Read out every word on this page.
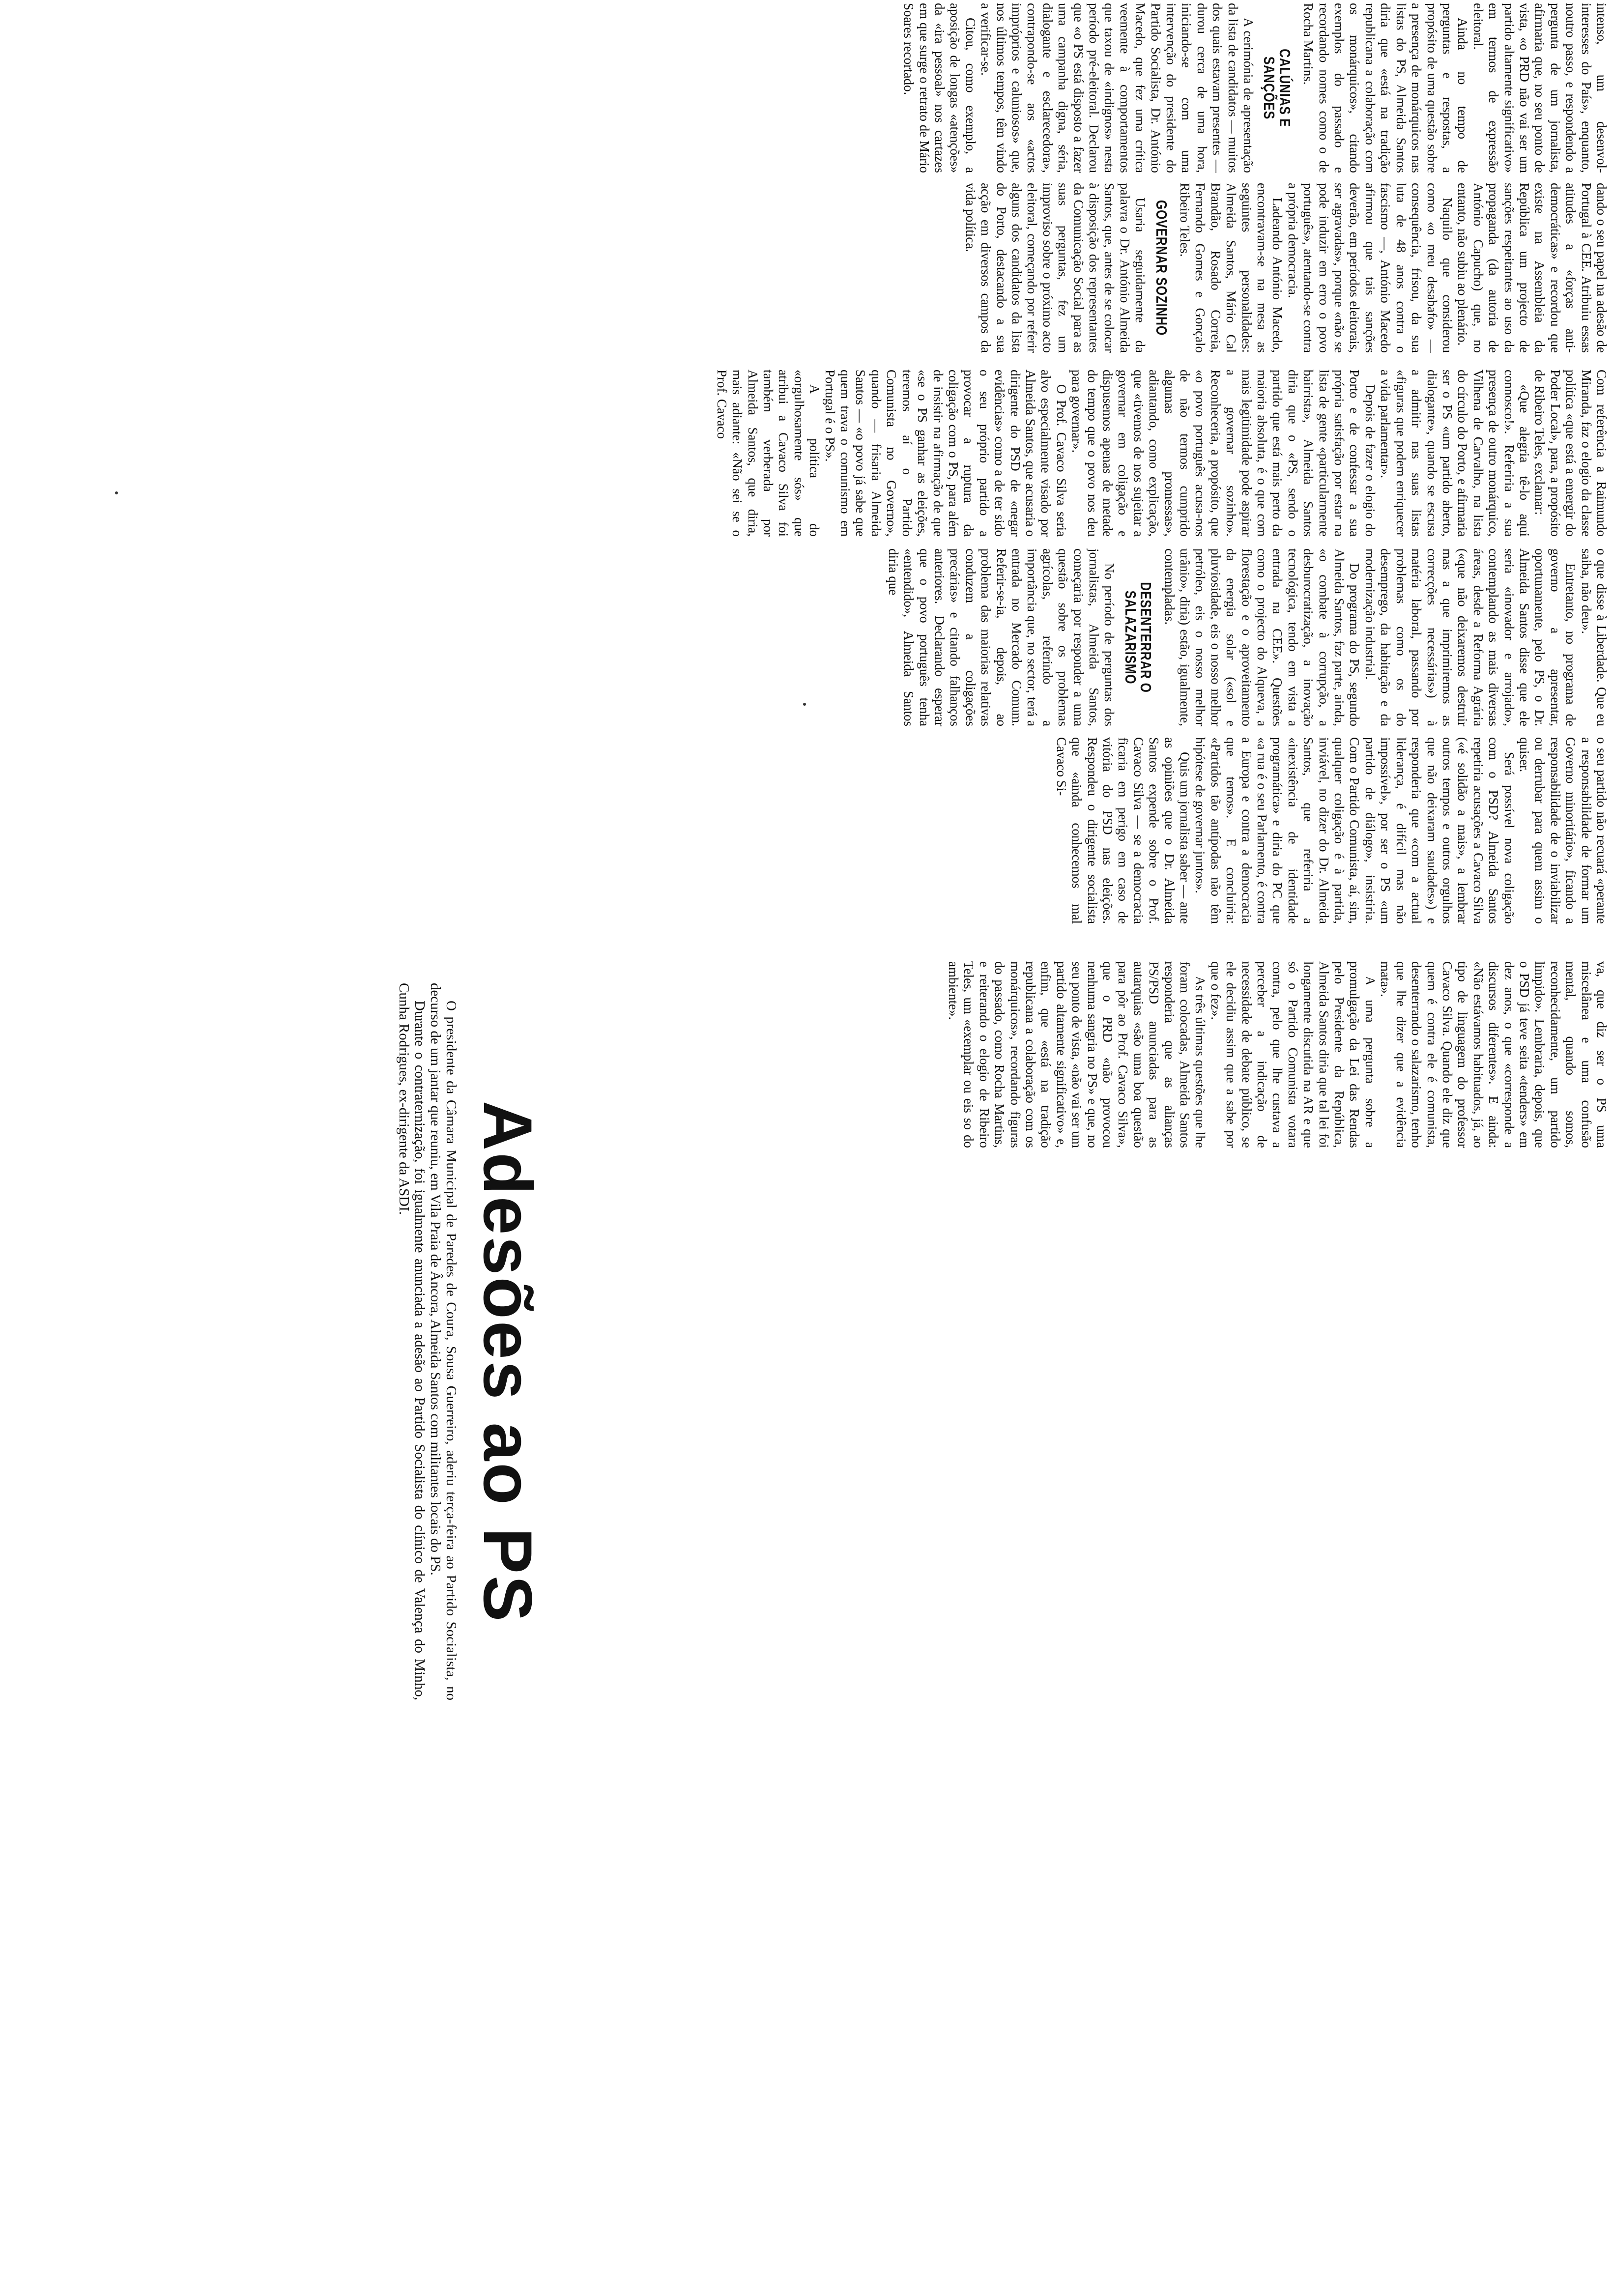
intenso, um desenvol- interesses do País», enquanto, noutro passo, e respondendo a pergunta de um jornalista, afirmaria que, no seu ponto de vista, «o PRD não vai ser um partido altamente significativo» em termos de expressão eleitoral.

Ainda no tempo de perguntas e respostas, a propósito de uma questão sobre a presença de monárquicos nas listas do PS, Almeida Santos diria que «está na tradição republicana a colaboração com os monárquicos», citando exemplos do passado e recordando nomes como o de Rocha Martins.

CALÚNIAS E SANÇÕES

A cerimónia de apresentação da lista de candidatos — muitos dos quais estavam presentes — durou cerca de uma hora, iniciando-se com uma intervenção do presidente do Partido Socialista, Dr. António Macedo, que fez uma crítica veemente à comportamentos que taxou de «indignos» nesta período pré-eleitoral. Declarou que «o PS está disposto a fazer uma campanha digna, séria, dialogante e esclarecedora», contrapondo-se aos «actos impróprios e caluniosos» que, nos últimos tempos, têm vindo a verificar-se.

Citou, como exemplo, a aposição de longas «atenções» da «ira pessoal» nos cartazes em que surge o retrato de Mário Soares recortado.

dando o seu papel na adesão de Portugal à CEE. Atribuiu essas atitudes a «forças anti-democráticas» e recordou que existe na Assembleia da República um projecto de sanções respeitantes ao uso da propaganda (da autoria de António Capucho) que, no entanto, não subiu ao plenário.

Naquilo que considerou como «o meu desabafo» — consequência, frisou, da sua luta de 48 anos contra o fascismo —, António Macedo afirmou que tais sanções deverão, em períodos eleitorais, ser agravadas», porque «não se pode induzir em erro o povo português», atentando-se contra a própria democracia.

Ladeando António Macedo, encontravam-se na mesa as seguintes personalidades: Almeida Santos, Mário Cal Brandão, Rosado Correia, Fernando Gomes e Gonçalo Ribeiro Teles.

GOVERNAR SOZINHO

Usaria seguidamente da palavra o Dr. António Almeida Santos, que, antes de se colocar à disposição dos representantes da Comunicação Social para as suas perguntas, fez um improviso sobre o próximo acto eleitoral, começando por referir alguns dos candidatos da lista do Porto, destacando a sua acção em diversos campos da vida política.

Com referência a Raimundo Miranda, faz o elogio da classe política «que está a emergir do Poder Local», para, a propósito de Ribeiro Teles, exclamar:

«Que alegria tê-lo aqui connosco!». Referiria a sua presença de outro monárquico, Vilhena de Carvalho, na lista do círculo do Porto, e afirmaria ser o PS «um partido aberto, dialogante», quando se escusa a admitir nas suas listas «figuras que podem enriquecer a vida parlamentar».

Depois de fazer o elogio do Porto e de confessar a sua própria satisfação por estar na lista de gente «particularmente bairrista», Almeida Santos diria que o «PS, sendo o partido que está mais perto da maioria absoluta, é o que com mais legitimidade pode aspirar a governar sozinho». Reconheceria, a propósito, que «o povo português acusa-nos de não termos cumprido algumas promessas», adiantando, como explicação, que «tivemos de nos sujeitar a governar em coligação e dispusemos apenas de metade do tempo que o povo nos deu para governar».

O Prof. Cavaco Silva seria alvo especialmente visado por Almeida Santos, que acusaria o dirigente do PSD de «negar evidências» como a de ter sido o seu próprio partido a provocar a ruptura da coligação com o PS, para além de insistir na afirmação de que «se o PS ganhar as eleições, teremos aí o Partido Comunista no Governo», quando — frisaria Almeida Santos — «o povo já sabe que quem trava o comunismo em Portugal é o PS».

A política do «orgulhosamente sós» que atribui a Cavaco Silva foi também verberada por Almeida Santos, que diria, mais adiante: «Não sei se o Prof. Cavaco

o que disse à Liberdade. Que eu saiba, não deu».

Entretanto, no programa de governo a apresentar, oportunamente, pelo PS, o Dr. Almeida Santos disse que ele seria «inovador e arrojado», contemplando as mais diversas áreas, desde a Reforma Agrária («que não deixaremos destruir mas a que imprimiremos as correcções necessárias») à matéria laboral, passando por problemas como os do desemprego, da habitação e da modernização industrial.

Do programa do PS, segundo Almeida Santos, faz parte, ainda, «o combate à corrupção, a desburocratização, a inovação tecnológica, tendo em vista a entrada na CEE». Questões como o projecto do Alqueva, a florestação e o aproveitamento da energia solar («sol e pluviosidade, eis o nosso melhor petróleo, eis o nosso melhor urânio», diria) estão, igualmente, contempladas.

DESENTERRAR O SALAZARISMO

No período de perguntas dos jornalistas, Almeida Santos, começaria por responder a uma questão sobre os problemas agrícolas, referindo a importância que, no sector, terá a entrada no Mercado Comum. Referir-se-ia, depois, ao problema das maiorias relativas conduzem a coligações precárias» e citando falhanços anteriores. Declarando esperar que o povo português tenha «entendido», Almeida Santos diria que

o seu partido não recuará «perante a responsabilidade de formar um Governo minoritário», ficando a responsabilidade de o inviabilizar ou derrubar para quem assim o quiser.

Será possível nova coligação com o PSD? Almeida Santos repetiria acusações a Cavaco Silva («é solidão a mais», a lembrar outros tempos e outros orgulhos que não deixaram saudades») e responderia que «com a actual liderança, é difícil mas não impossível», por ser o PS «um partido de diálogo», insistiria. Com o Partido Comunista, aí, sim, qualquer coligação é à partida, inviável, no dizer do Dr. Almeida Santos, que referiria a «inexistência de identidade programática» e diria do PC que «a rua é o seu Parlamento, é contra a Europa e contra a democracia que temos». E concluiria: «Partidos tão antípodas não têm hipótese de governar juntos».

Quis um jornalista saber — ante as opiniões que o Dr. Almeida Santos expende sobre o Prof. Cavaco Silva — se a democracia ficaria em perigo em caso de vitória do PSD nas eleições. Respondeu o dirigente socialista que «ainda conhecemos mal Cavaco Si-

va, que diz ser o PS uma miscelânea e uma confusão mental, quando somos, reconhecidamente, um partido limpido». Lembraria, depois, que o PSD já teve seita «tenders» em dez anos, o que «corresponde a discursos diferentes». E ainda: «Não estávamos habituados, já, ao tipo de linguagem do professor Cavaco Silva. Quando ele diz que quem é contra ele é comunista, desenterrando o salazarismo, tenho que lhe dizer que a evidência mata».

A uma pergunta sobre a promulgação da Lei das Rendas pelo Presidente da República, Almeida Santos diria que tal lei foi longamente discutida na AR e que só o Partido Comunista votara contra, pelo que lhe custava a perceber a indicação de necessidade de debate público, se ele decidiu assim que a sabe por que o fez».

As três últimas questões que lhe foram colocadas, Almeida Santos responderia que as alianças PS/PSD anunciadas para as autarquias «são uma boa questão para pôr ao Prof. Cavaco Silva», que o PRD «não provocou nenhuma sangria no PS» e que, no seu ponto de vista, «não vai ser um partido altamente significativo» e, enfim, que «está na tradição republicana a colaboração com os monárquicos», recordando figuras do passado, como Rocha Martins, e reiterando o elogio de Ribeiro Teles, um «exemplar ou eis so do ambiente».

Adesões ao PS

O presidente da Câmara Municipal de Paredes de Coura, Sousa Guerreiro, aderiu terça-feira ao Partido Socialista, no decurso de um jantar que reuniu, em Vila Praia de Âncora, Almeida Santos com militantes locais do PS.

Durante o contraternização, foi igualmente anunciada a adesão ao Partido Socialista do clínico de Valença do Minho, Cunha Rodrigues, ex-dirigente da ASDI.
